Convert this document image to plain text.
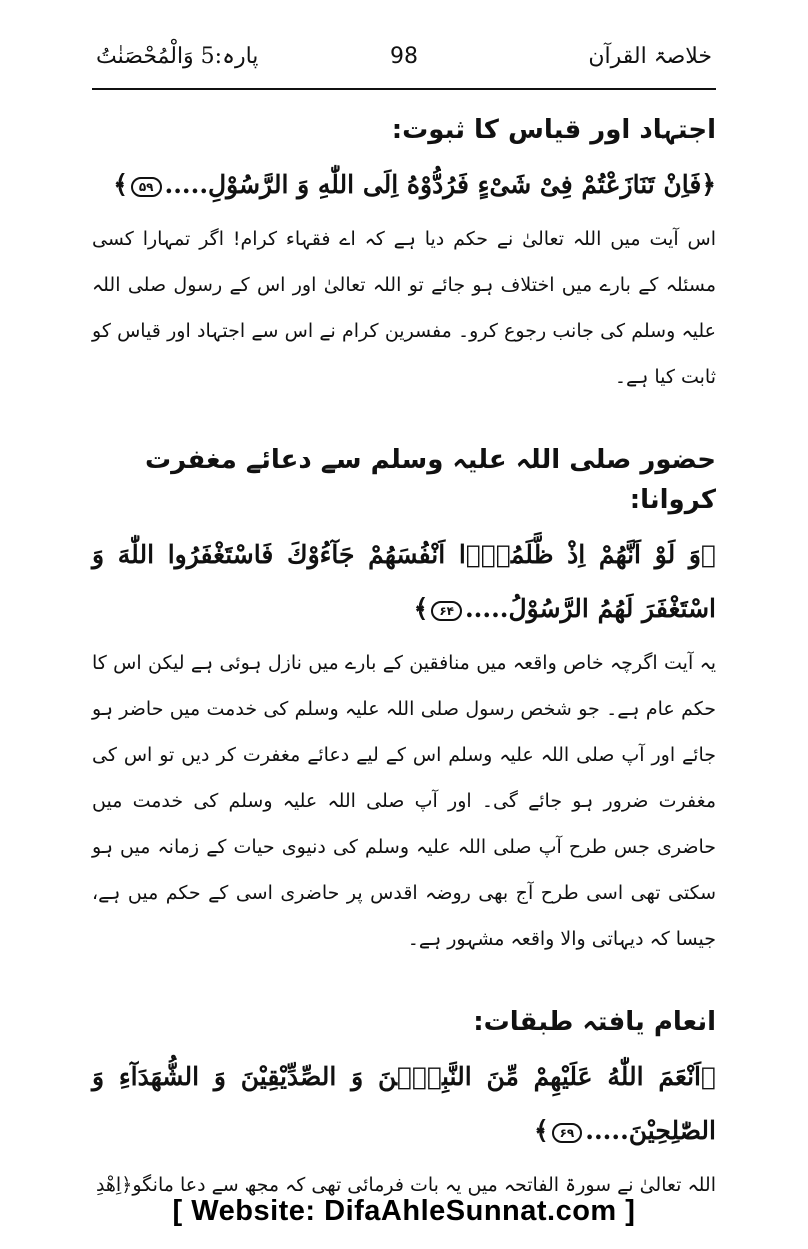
خلاصۃ القرآن
98
پارہ:5 وَالْمُحْصَنٰتُ
اجتہاد اور قیاس کا ثبوت:
﴿فَاِنْ تَنَازَعْتُمْ فِیْ شَیْءٍ فَرُدُّوْهُ اِلَی اللّٰهِ وَ الرَّسُوْلِ.....۵۹﴾
اس آیت میں اللہ تعالیٰ نے حکم دیا ہے کہ اے فقہاء کرام! اگر تمہارا کسی مسئلہ کے بارے میں اختلاف ہو جائے تو اللہ تعالیٰ اور اس کے رسول صلی اللہ علیہ وسلم کی جانب رجوع کرو۔ مفسرین کرام نے اس سے اجتہاد اور قیاس کو ثابت کیا ہے۔
حضور صلی اللہ علیہ وسلم سے دعائے مغفرت کروانا:
﴿وَ لَوْ اَنَّهُمْ اِذْ ظَّلَمُوْۤا اَنْفُسَهُمْ جَآءُوْكَ فَاسْتَغْفَرُوا اللّٰهَ وَ اسْتَغْفَرَ لَهُمُ الرَّسُوْلُ.....۶۴﴾
یہ آیت اگرچہ خاص واقعہ میں منافقین کے بارے میں نازل ہوئی ہے لیکن اس کا حکم عام ہے۔ جو شخص رسول صلی اللہ علیہ وسلم کی خدمت میں حاضر ہو جائے اور آپ صلی اللہ علیہ وسلم اس کے لیے دعائے مغفرت کر دیں تو اس کی مغفرت ضرور ہو جائے گی۔ اور آپ صلی اللہ علیہ وسلم کی خدمت میں حاضری جس طرح آپ صلی اللہ علیہ وسلم کی دنیوی حیات کے زمانہ میں ہو سکتی تھی اسی طرح آج بھی روضہ اقدس پر حاضری اسی کے حکم میں ہے، جیسا کہ دیہاتی والا واقعہ مشہور ہے۔
انعام یافتہ طبقات:
﴿اَنْعَمَ اللّٰهُ عَلَیْهِمْ مِّنَ النَّبِیّٖنَ وَ الصِّدِّیْقِیْنَ وَ الشُّهَدَآءِ وَ الصّٰلِحِیْنَ.....۶۹﴾
اللہ تعالیٰ نے سورۃ الفاتحہ میں یہ بات فرمائی تھی کہ مجھ سے دعا مانگو﴿اِهْدِ
[ Website: DifaAhleSunnat.com ]
